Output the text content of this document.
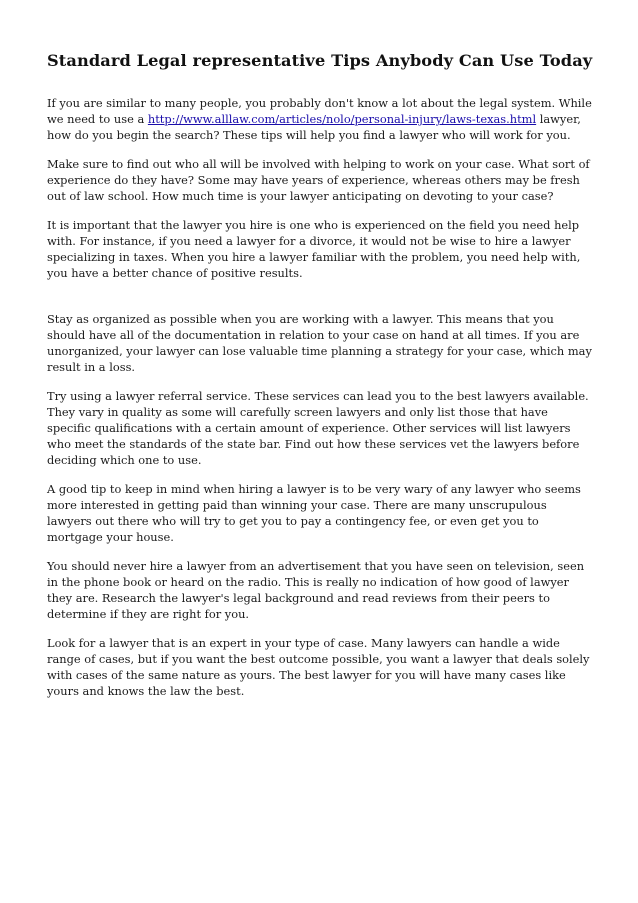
Standard Legal representative Tips Anybody Can Use Today

If you are similar to many people, you probably don't know a lot about the legal system. While we need to use a http://www.alllaw.com/articles/nolo/personal-injury/laws-texas.html lawyer, how do you begin the search? These tips will help you find a lawyer who will work for you.

Make sure to find out who all will be involved with helping to work on your case. What sort of experience do they have? Some may have years of experience, whereas others may be fresh out of law school. How much time is your lawyer anticipating on devoting to your case?

It is important that the lawyer you hire is one who is experienced on the field you need help with. For instance, if you need a lawyer for a divorce, it would not be wise to hire a lawyer specializing in taxes. When you hire a lawyer familiar with the problem, you need help with, you have a better chance of positive results.

Stay as organized as possible when you are working with a lawyer. This means that you should have all of the documentation in relation to your case on hand at all times. If you are unorganized, your lawyer can lose valuable time planning a strategy for your case, which may result in a loss.

Try using a lawyer referral service. These services can lead you to the best lawyers available. They vary in quality as some will carefully screen lawyers and only list those that have specific qualifications with a certain amount of experience. Other services will list lawyers who meet the standards of the state bar. Find out how these services vet the lawyers before deciding which one to use.

A good tip to keep in mind when hiring a lawyer is to be very wary of any lawyer who seems more interested in getting paid than winning your case. There are many unscrupulous lawyers out there who will try to get you to pay a contingency fee, or even get you to mortgage your house.

You should never hire a lawyer from an advertisement that you have seen on television, seen in the phone book or heard on the radio. This is really no indication of how good of lawyer they are. Research the lawyer's legal background and read reviews from their peers to determine if they are right for you.

Look for a lawyer that is an expert in your type of case. Many lawyers can handle a wide range of cases, but if you want the best outcome possible, you want a lawyer that deals solely with cases of the same nature as yours. The best lawyer for you will have many cases like yours and knows the law the best.
